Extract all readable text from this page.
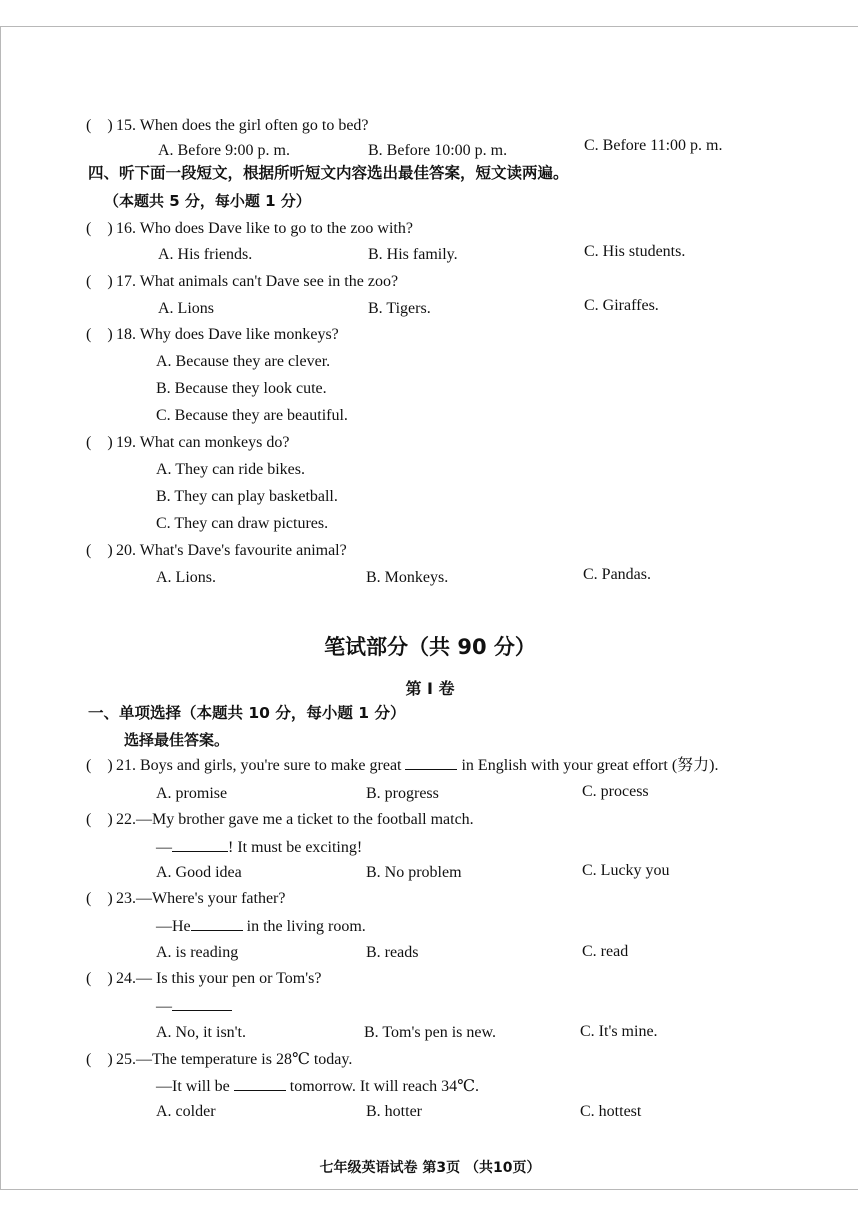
(    ) 15. When does the girl often go to bed?
A. Before 9:00 p. m.	B. Before 10:00 p. m.	C. Before 11:00 p. m.
四、听下面一段短文，根据所听短文内容选出最佳答案，短文读两遍。
（本题共 5 分，每小题 1 分）
(    ) 16. Who does Dave like to go to the zoo with?
A. His friends.	B. His family.	C. His students.
(    ) 17. What animals can't Dave see in the zoo?
A. Lions	B. Tigers.	C. Giraffes.
(    ) 18. Why does Dave like monkeys?
A. Because they are clever.
B. Because they look cute.
C. Because they are beautiful.
(    ) 19. What can monkeys do?
A. They can ride bikes.
B. They can play basketball.
C. They can draw pictures.
(    ) 20. What's Dave's favourite animal?
A. Lions.	B. Monkeys.	C. Pandas.
笔试部分（共 90 分）
第 I 卷
一、单项选择（本题共 10 分，每小题 1 分）
选择最佳答案。
(    ) 21. Boys and girls, you're sure to make great	in English with your great effort (努力).
A. promise	B. progress	C. process
(    ) 22.—My brother gave me a ticket to the football match.
—	! It must be exciting!
A. Good idea	B. No problem	C. Lucky you
(    ) 23.—Where's your father?
—He	in the living room.
A. is reading	B. reads	C. read
(    ) 24.— Is this your pen or Tom's?
—
A. No, it isn't.	B. Tom's pen is new.	C. It's mine.
(    ) 25.—The temperature is 28℃ today.
—It will be	tomorrow. It will reach 34℃.
A. colder	B. hotter	C. hottest
七年级英语试卷 第3页 （共10页）
